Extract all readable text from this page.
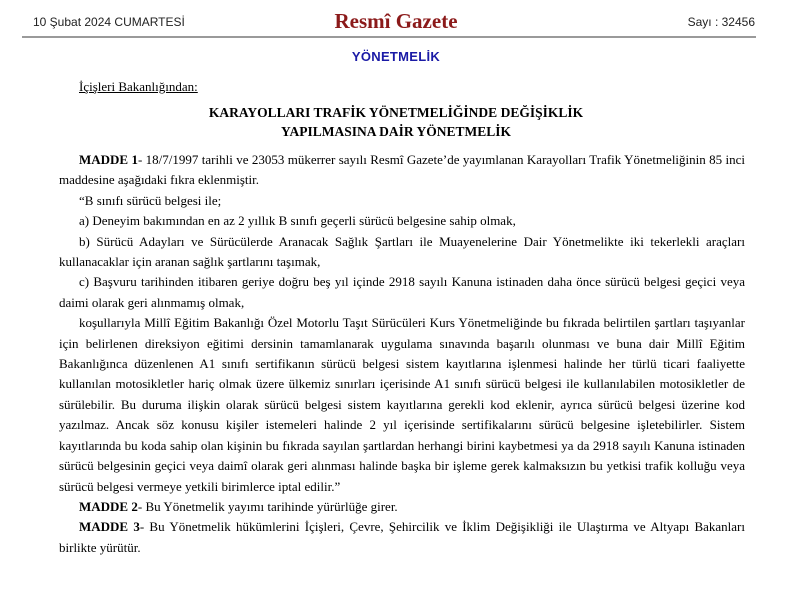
10 Şubat 2024 CUMARTESİ	Resmî Gazete	Sayı : 32456
YÖNETMELİK
İçişleri Bakanlığından:
KARAYOLLARI TRAFİK YÖNETMELİĞİNDE DEĞİŞİKLİK
YAPILMASINA DAİR YÖNETMELİK

MADDE 1- 18/7/1997 tarihli ve 23053 mükerrer sayılı Resmî Gazete’de yayımlanan Karayolları Trafik Yönetmeliğinin 85 inci maddesine aşağıdaki fıkra eklenmiştir.

“B sınıfı sürücü belgesi ile;

a) Deneyim bakımından en az 2 yıllık B sınıfı geçerli sürücü belgesine sahip olmak,

b) Sürücü Adayları ve Sürücülerde Aranacak Sağlık Şartları ile Muayenelerine Dair Yönetmelikte iki tekerlekli araçları kullanacaklar için aranan sağlık şartlarını taşımak,

c) Başvuru tarihinden itibaren geriye doğru beş yıl içinde 2918 sayılı Kanuna istinaden daha önce sürücü belgesi geçici veya daimi olarak geri alınmamış olmak,

koşullarıyla Millî Eğitim Bakanlığı Özel Motorlu Taşıt Sürücüleri Kurs Yönetmeliğinde bu fıkrada belirtilen şartları taşıyanlar için belirlenen direksiyon eğitimi dersinin tamamlanarak uygulama sınavında başarılı olunması ve buna dair Millî Eğitim Bakanlığınca düzenlenen A1 sınıfı sertifikanın sürücü belgesi sistem kayıtlarına işlenmesi halinde her türlü ticari faaliyette kullanılan motosikletler hariç olmak üzere ülkemiz sınırları içerisinde A1 sınıfı sürücü belgesi ile kullanılabilen motosikletler de sürülebilir. Bu duruma ilişkin olarak sürücü belgesi sistem kayıtlarına gerekli kod eklenir, ayrıca sürücü belgesi üzerine kod yazılmaz. Ancak söz konusu kişiler istemeleri halinde 2 yıl içerisinde sertifikalarını sürücü belgesine işletebilirler. Sistem kayıtlarında bu koda sahip olan kişinin bu fıkrada sayılan şartlardan herhangi birini kaybetmesi ya da 2918 sayılı Kanuna istinaden sürücü belgesinin geçici veya daimî olarak geri alınması halinde başka bir işleme gerek kalmaksızın bu yetkisi trafik kolluğu veya sürücü belgesi vermeye yetkili birimlerce iptal edilir.”

MADDE 2- Bu Yönetmelik yayımı tarihinde yürürlüğe girer.

MADDE 3- Bu Yönetmelik hükümlerini İçişleri, Çevre, Şehircilik ve İklim Değişikliği ile Ulaştırma ve Altyapı Bakanları birlikte yürütür.
